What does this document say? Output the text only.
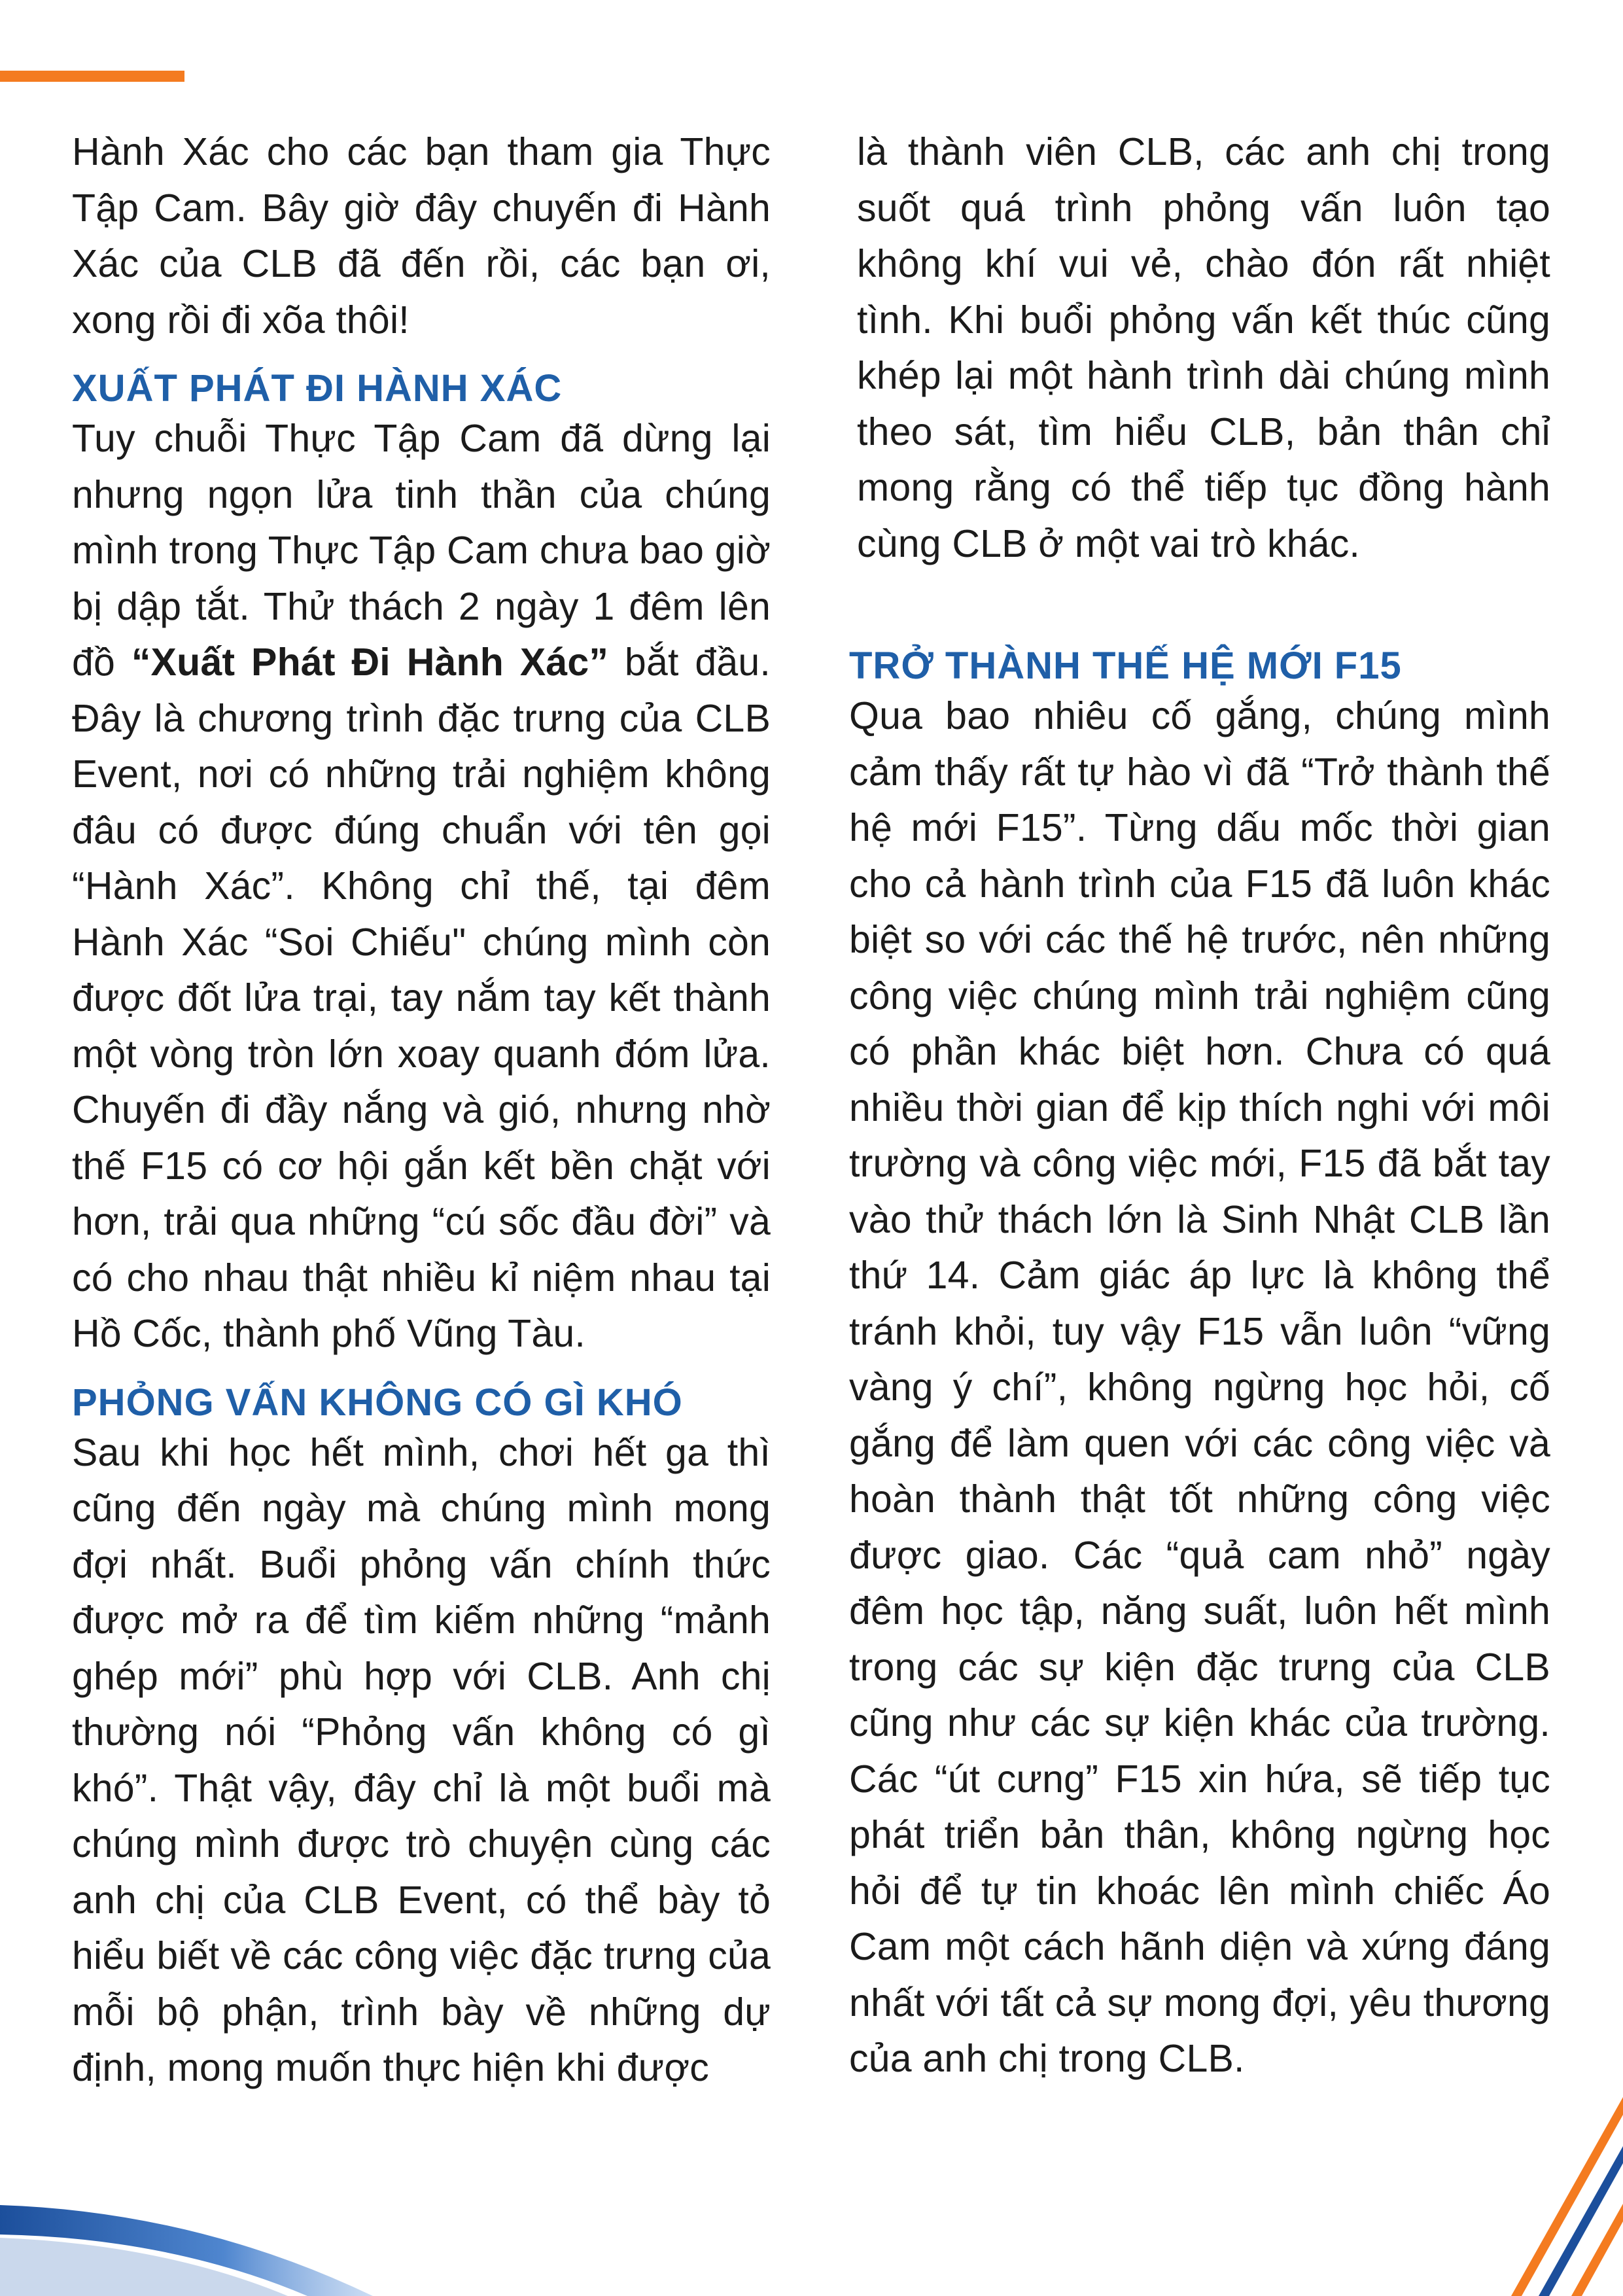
Hành Xác cho các bạn tham gia Thực Tập Cam. Bây giờ đây chuyến đi Hành Xác của CLB đã đến rồi, các bạn ơi, xong rồi đi xõa thôi!

XUẤT PHÁT ĐI HÀNH XÁC

Tuy chuỗi Thực Tập Cam đã dừng lại nhưng ngọn lửa tinh thần của chúng mình trong Thực Tập Cam chưa bao giờ bị dập tắt. Thử thách 2 ngày 1 đêm lên đồ “Xuất Phát Đi Hành Xác” bắt đầu. Đây là chương trình đặc trưng của CLB Event, nơi có những trải nghiệm không đâu có được đúng chuẩn với tên gọi “Hành Xác”. Không chỉ thế, tại đêm Hành Xác “Soi Chiếu" chúng mình còn được đốt lửa trại, tay nắm tay kết thành một vòng tròn lớn xoay quanh đóm lửa. Chuyến đi đầy nắng và gió, nhưng nhờ thế F15 có cơ hội gắn kết bền chặt với hơn, trải qua những “cú sốc đầu đời” và có cho nhau thật nhiều kỉ niệm nhau tại Hồ Cốc, thành phố Vũng Tàu.

PHỎNG VẤN KHÔNG CÓ GÌ KHÓ

Sau khi học hết mình, chơi hết ga thì cũng đến ngày mà chúng mình mong đợi nhất. Buổi phỏng vấn chính thức được mở ra để tìm kiếm những “mảnh ghép mới” phù hợp với CLB. Anh chị thường nói “Phỏng vấn không có gì khó”. Thật vậy, đây chỉ là một buổi mà chúng mình được trò chuyện cùng các anh chị của CLB Event, có thể bày tỏ hiểu biết về các công việc đặc trưng của mỗi bộ phận, trình bày về những dự định, mong muốn thực hiện khi được

là thành viên CLB, các anh chị trong suốt quá trình phỏng vấn luôn tạo không khí vui vẻ, chào đón rất nhiệt tình. Khi buổi phỏng vấn kết thúc cũng khép lại một hành trình dài chúng mình theo sát, tìm hiểu CLB, bản thân chỉ mong rằng có thể tiếp tục đồng hành cùng CLB ở một vai trò khác.

TRỞ THÀNH THẾ HỆ MỚI F15

Qua bao nhiêu cố gắng, chúng mình cảm thấy rất tự hào vì đã “Trở thành thế hệ mới F15”. Từng dấu mốc thời gian cho cả hành trình của F15 đã luôn khác biệt so với các thế hệ trước, nên những công việc chúng mình trải nghiệm cũng có phần khác biệt hơn. Chưa có quá nhiều thời gian để kịp thích nghi với môi trường và công việc mới, F15 đã bắt tay vào thử thách lớn là Sinh Nhật CLB lần thứ 14. Cảm giác áp lực là không thể tránh khỏi, tuy vậy F15 vẫn luôn “vững vàng ý chí”, không ngừng học hỏi, cố gắng để làm quen với các công việc và hoàn thành thật tốt những công việc được giao. Các “quả cam nhỏ” ngày đêm học tập, năng suất, luôn hết mình trong các sự kiện đặc trưng của CLB cũng như các sự kiện khác của trường. Các “út cưng” F15 xin hứa, sẽ tiếp tục phát triển bản thân, không ngừng học hỏi để tự tin khoác lên mình chiếc Áo Cam một cách hãnh diện và xứng đáng nhất với tất cả sự mong đợi, yêu thương của anh chị trong CLB.
